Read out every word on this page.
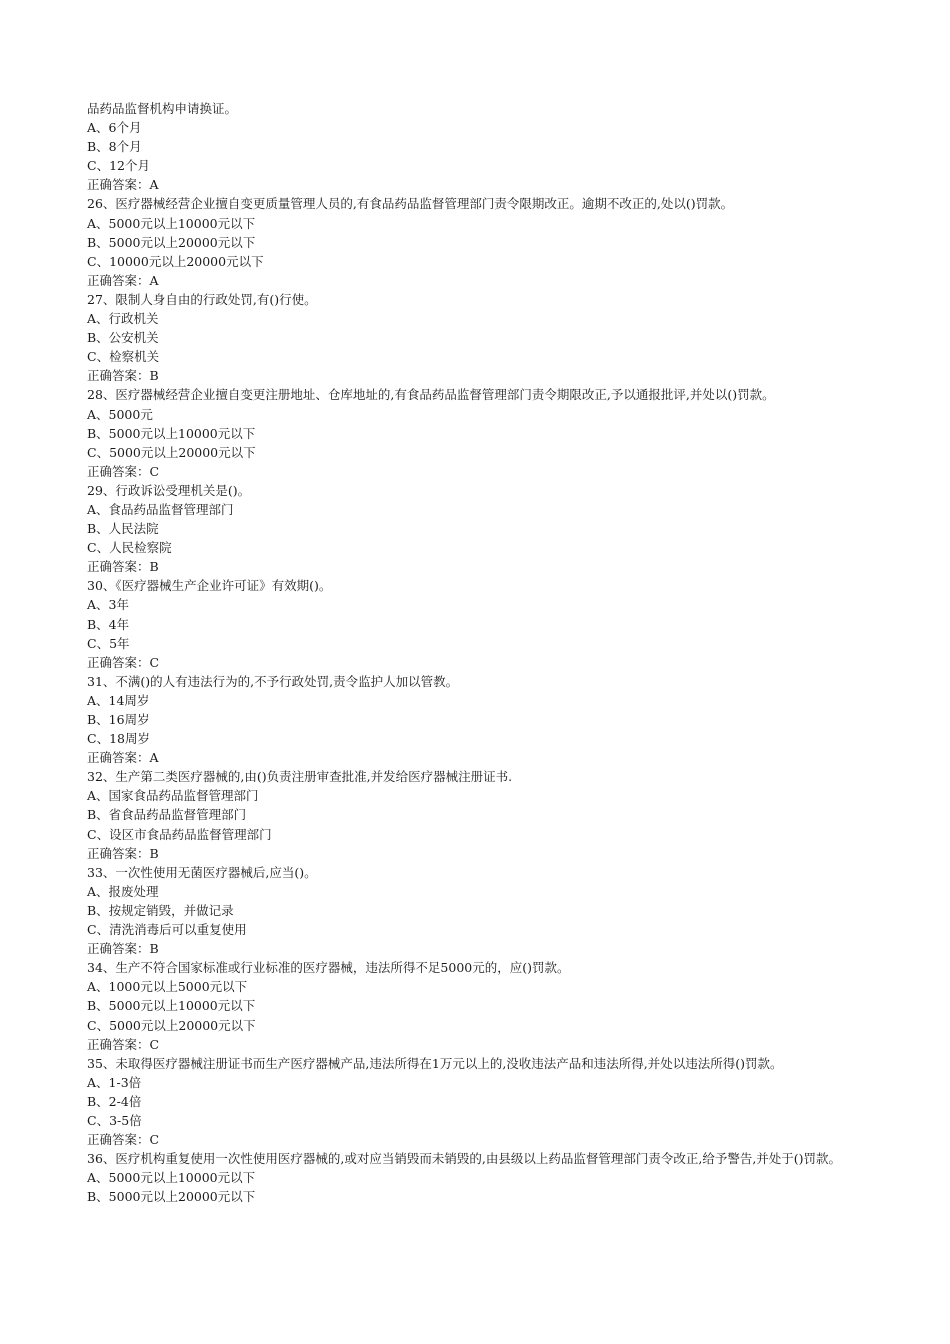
品药品监督机构申请换证。
A、6个月
B、8个月
C、12个月
正确答案：A
26、医疗器械经营企业擅自变更质量管理人员的,有食品药品监督管理部门责令限期改正。逾期不改正的,处以()罚款。
A、5000元以上10000元以下
B、5000元以上20000元以下
C、10000元以上20000元以下
正确答案：A
27、限制人身自由的行政处罚,有()行使。
A、行政机关
B、公安机关
C、检察机关
正确答案：B
28、医疗器械经营企业擅自变更注册地址、仓库地址的,有食品药品监督管理部门责令期限改正,予以通报批评,并处以()罚款。
A、5000元
B、5000元以上10000元以下
C、5000元以上20000元以下
正确答案：C
29、行政诉讼受理机关是()。
A、食品药品监督管理部门
B、人民法院
C、人民检察院
正确答案：B
30、《医疗器械生产企业许可证》有效期()。
A、3年
B、4年
C、5年
正确答案：C
31、不满()的人有违法行为的,不予行政处罚,责令监护人加以管教。
A、14周岁
B、16周岁
C、18周岁
正确答案：A
32、生产第二类医疗器械的,由()负责注册审查批准,并发给医疗器械注册证书.
A、国家食品药品监督管理部门
B、省食品药品监督管理部门
C、设区市食品药品监督管理部门
正确答案：B
33、一次性使用无菌医疗器械后,应当()。
A、报废处理
B、按规定销毁，并做记录
C、清洗消毒后可以重复使用
正确答案：B
34、生产不符合国家标准或行业标准的医疗器械，违法所得不足5000元的，应()罚款。
A、1000元以上5000元以下
B、5000元以上10000元以下
C、5000元以上20000元以下
正确答案：C
35、未取得医疗器械注册证书而生产医疗器械产品,违法所得在1万元以上的,没收违法产品和违法所得,并处以违法所得()罚款。
A、1-3倍
B、2-4倍
C、3-5倍
正确答案：C
36、医疗机构重复使用一次性使用医疗器械的,或对应当销毁而未销毁的,由县级以上药品监督管理部门责令改正,给予警告,并处于()罚款。
A、5000元以上10000元以下
B、5000元以上20000元以下
